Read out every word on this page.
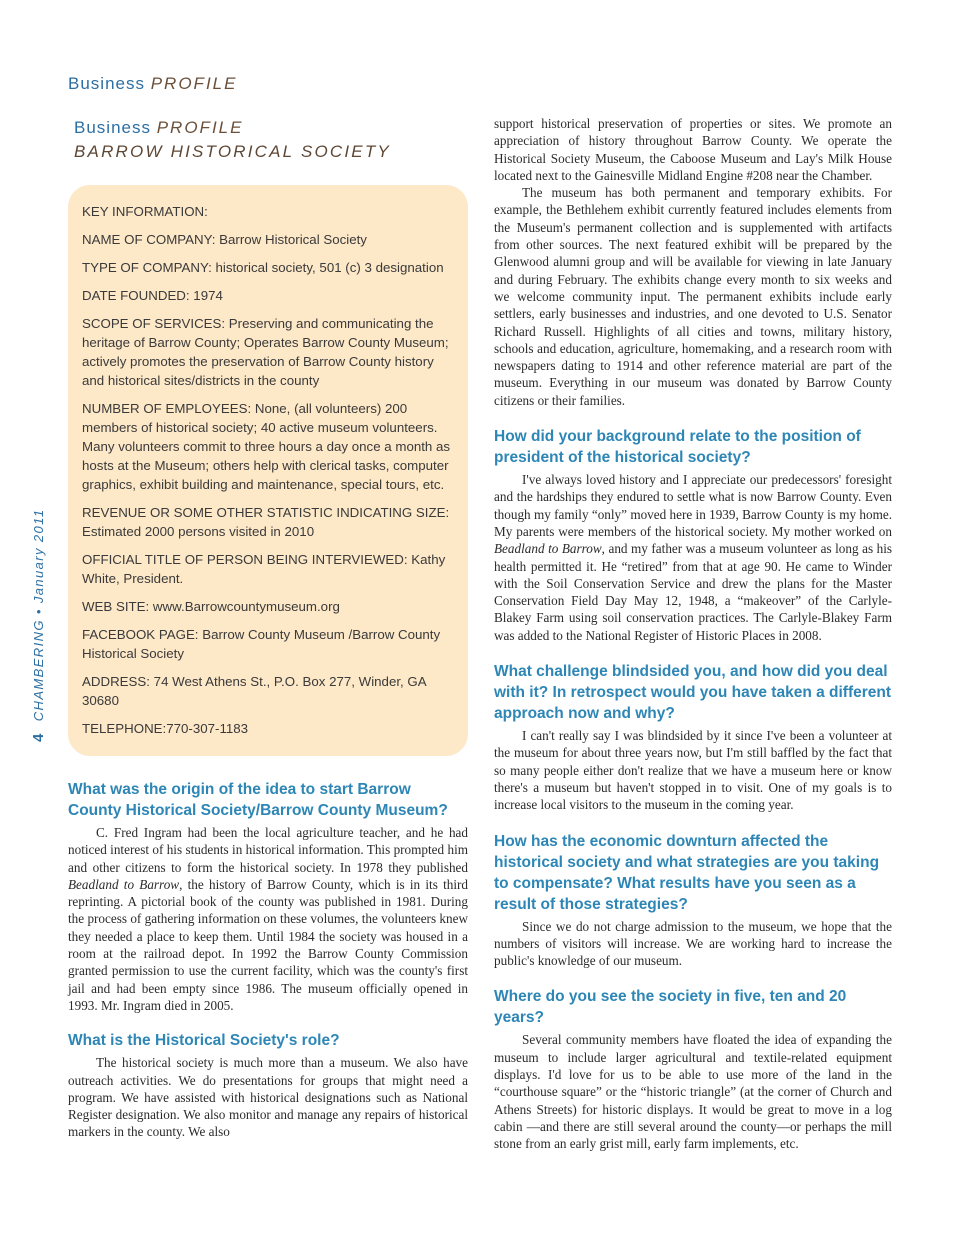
Business PROFILE
4 CHAMBERING • January 2011
Business PROFILE
BARROW HISTORICAL SOCIETY

KEY INFORMATION:

NAME OF COMPANY: Barrow Historical Society

TYPE OF COMPANY: historical society, 501 (c) 3 designation

DATE FOUNDED: 1974

SCOPE OF SERVICES: Preserving and communicating the heritage of Barrow County; Operates Barrow County Museum; actively promotes the preservation of Barrow County history and historical sites/districts in the county

NUMBER OF EMPLOYEES: None, (all volunteers) 200 members of historical society; 40 active museum volunteers. Many volunteers commit to three hours a day once a month as hosts at the Museum; others help with clerical tasks, computer graphics, exhibit building and maintenance, special tours, etc.

REVENUE OR SOME OTHER STATISTIC INDICATING SIZE: Estimated 2000 persons visited in 2010

OFFICIAL TITLE OF PERSON BEING INTERVIEWED: Kathy White, President.

WEB SITE: www.Barrowcountymuseum.org

FACEBOOK PAGE: Barrow County Museum /Barrow County Historical Society

ADDRESS: 74 West Athens St., P.O. Box 277, Winder, GA 30680

TELEPHONE:770-307-1183

What was the origin of the idea to start Barrow County Historical Society/Barrow County Museum?

C. Fred Ingram had been the local agriculture teacher, and he had noticed interest of his students in historical information. This prompted him and other citizens to form the historical society. In 1978 they published Beadland to Barrow, the history of Barrow County, which is in its third reprinting. A pictorial book of the county was published in 1981. During the process of gathering information on these volumes, the volunteers knew they needed a place to keep them. Until 1984 the society was housed in a room at the railroad depot. In 1992 the Barrow County Commission granted permission to use the current facility, which was the county's first jail and had been empty since 1986. The museum officially opened in 1993. Mr. Ingram died in 2005.

What is the Historical Society's role?

The historical society is much more than a museum. We also have outreach activities. We do presentations for groups that might need a program. We have assisted with historical designations such as National Register designation. We also monitor and manage any repairs of historical markers in the county. We also

support historical preservation of properties or sites. We promote an appreciation of history throughout Barrow County. We operate the Historical Society Museum, the Caboose Museum and Lay's Milk House located next to the Gainesville Midland Engine #208 near the Chamber.

The museum has both permanent and temporary exhibits. For example, the Bethlehem exhibit currently featured includes elements from the Museum's permanent collection and is supplemented with artifacts from other sources. The next featured exhibit will be prepared by the Glenwood alumni group and will be available for viewing in late January and during February. The exhibits change every month to six weeks and we welcome community input. The permanent exhibits include early settlers, early businesses and industries, and one devoted to U.S. Senator Richard Russell. Highlights of all cities and towns, military history, schools and education, agriculture, homemaking, and a research room with newspapers dating to 1914 and other reference material are part of the museum. Everything in our museum was donated by Barrow County citizens or their families.

How did your background relate to the position of president of the historical society?

I've always loved history and I appreciate our predecessors' foresight and the hardships they endured to settle what is now Barrow County. Even though my family “only” moved here in 1939, Barrow County is my home. My parents were members of the historical society. My mother worked on Beadland to Barrow, and my father was a museum volunteer as long as his health permitted it. He “retired” from that at age 90. He came to Winder with the Soil Conservation Service and drew the plans for the Master Conservation Field Day May 12, 1948, a “makeover” of the Carlyle-Blakey Farm using soil conservation practices. The Carlyle-Blakey Farm was added to the National Register of Historic Places in 2008.

What challenge blindsided you, and how did you deal with it? In retrospect would you have taken a different approach now and why?

I can't really say I was blindsided by it since I've been a volunteer at the museum for about three years now, but I'm still baffled by the fact that so many people either don't realize that we have a museum here or know there's a museum but haven't stopped in to visit. One of my goals is to increase local visitors to the museum in the coming year.

How has the economic downturn affected the historical society and what strategies are you taking to compensate? What results have you seen as a result of those strategies?

Since we do not charge admission to the museum, we hope that the numbers of visitors will increase. We are working hard to increase the public's knowledge of our museum.

Where do you see the society in five, ten and 20 years?

Several community members have floated the idea of expanding the museum to include larger agricultural and textile-related equipment displays. I'd love for us to be able to use more of the land in the “courthouse square” or the “historic triangle” (at the corner of Church and Athens Streets) for historic displays. It would be great to move in a log cabin —and there are still several around the county—or perhaps the mill stone from an early grist mill, early farm implements, etc.
